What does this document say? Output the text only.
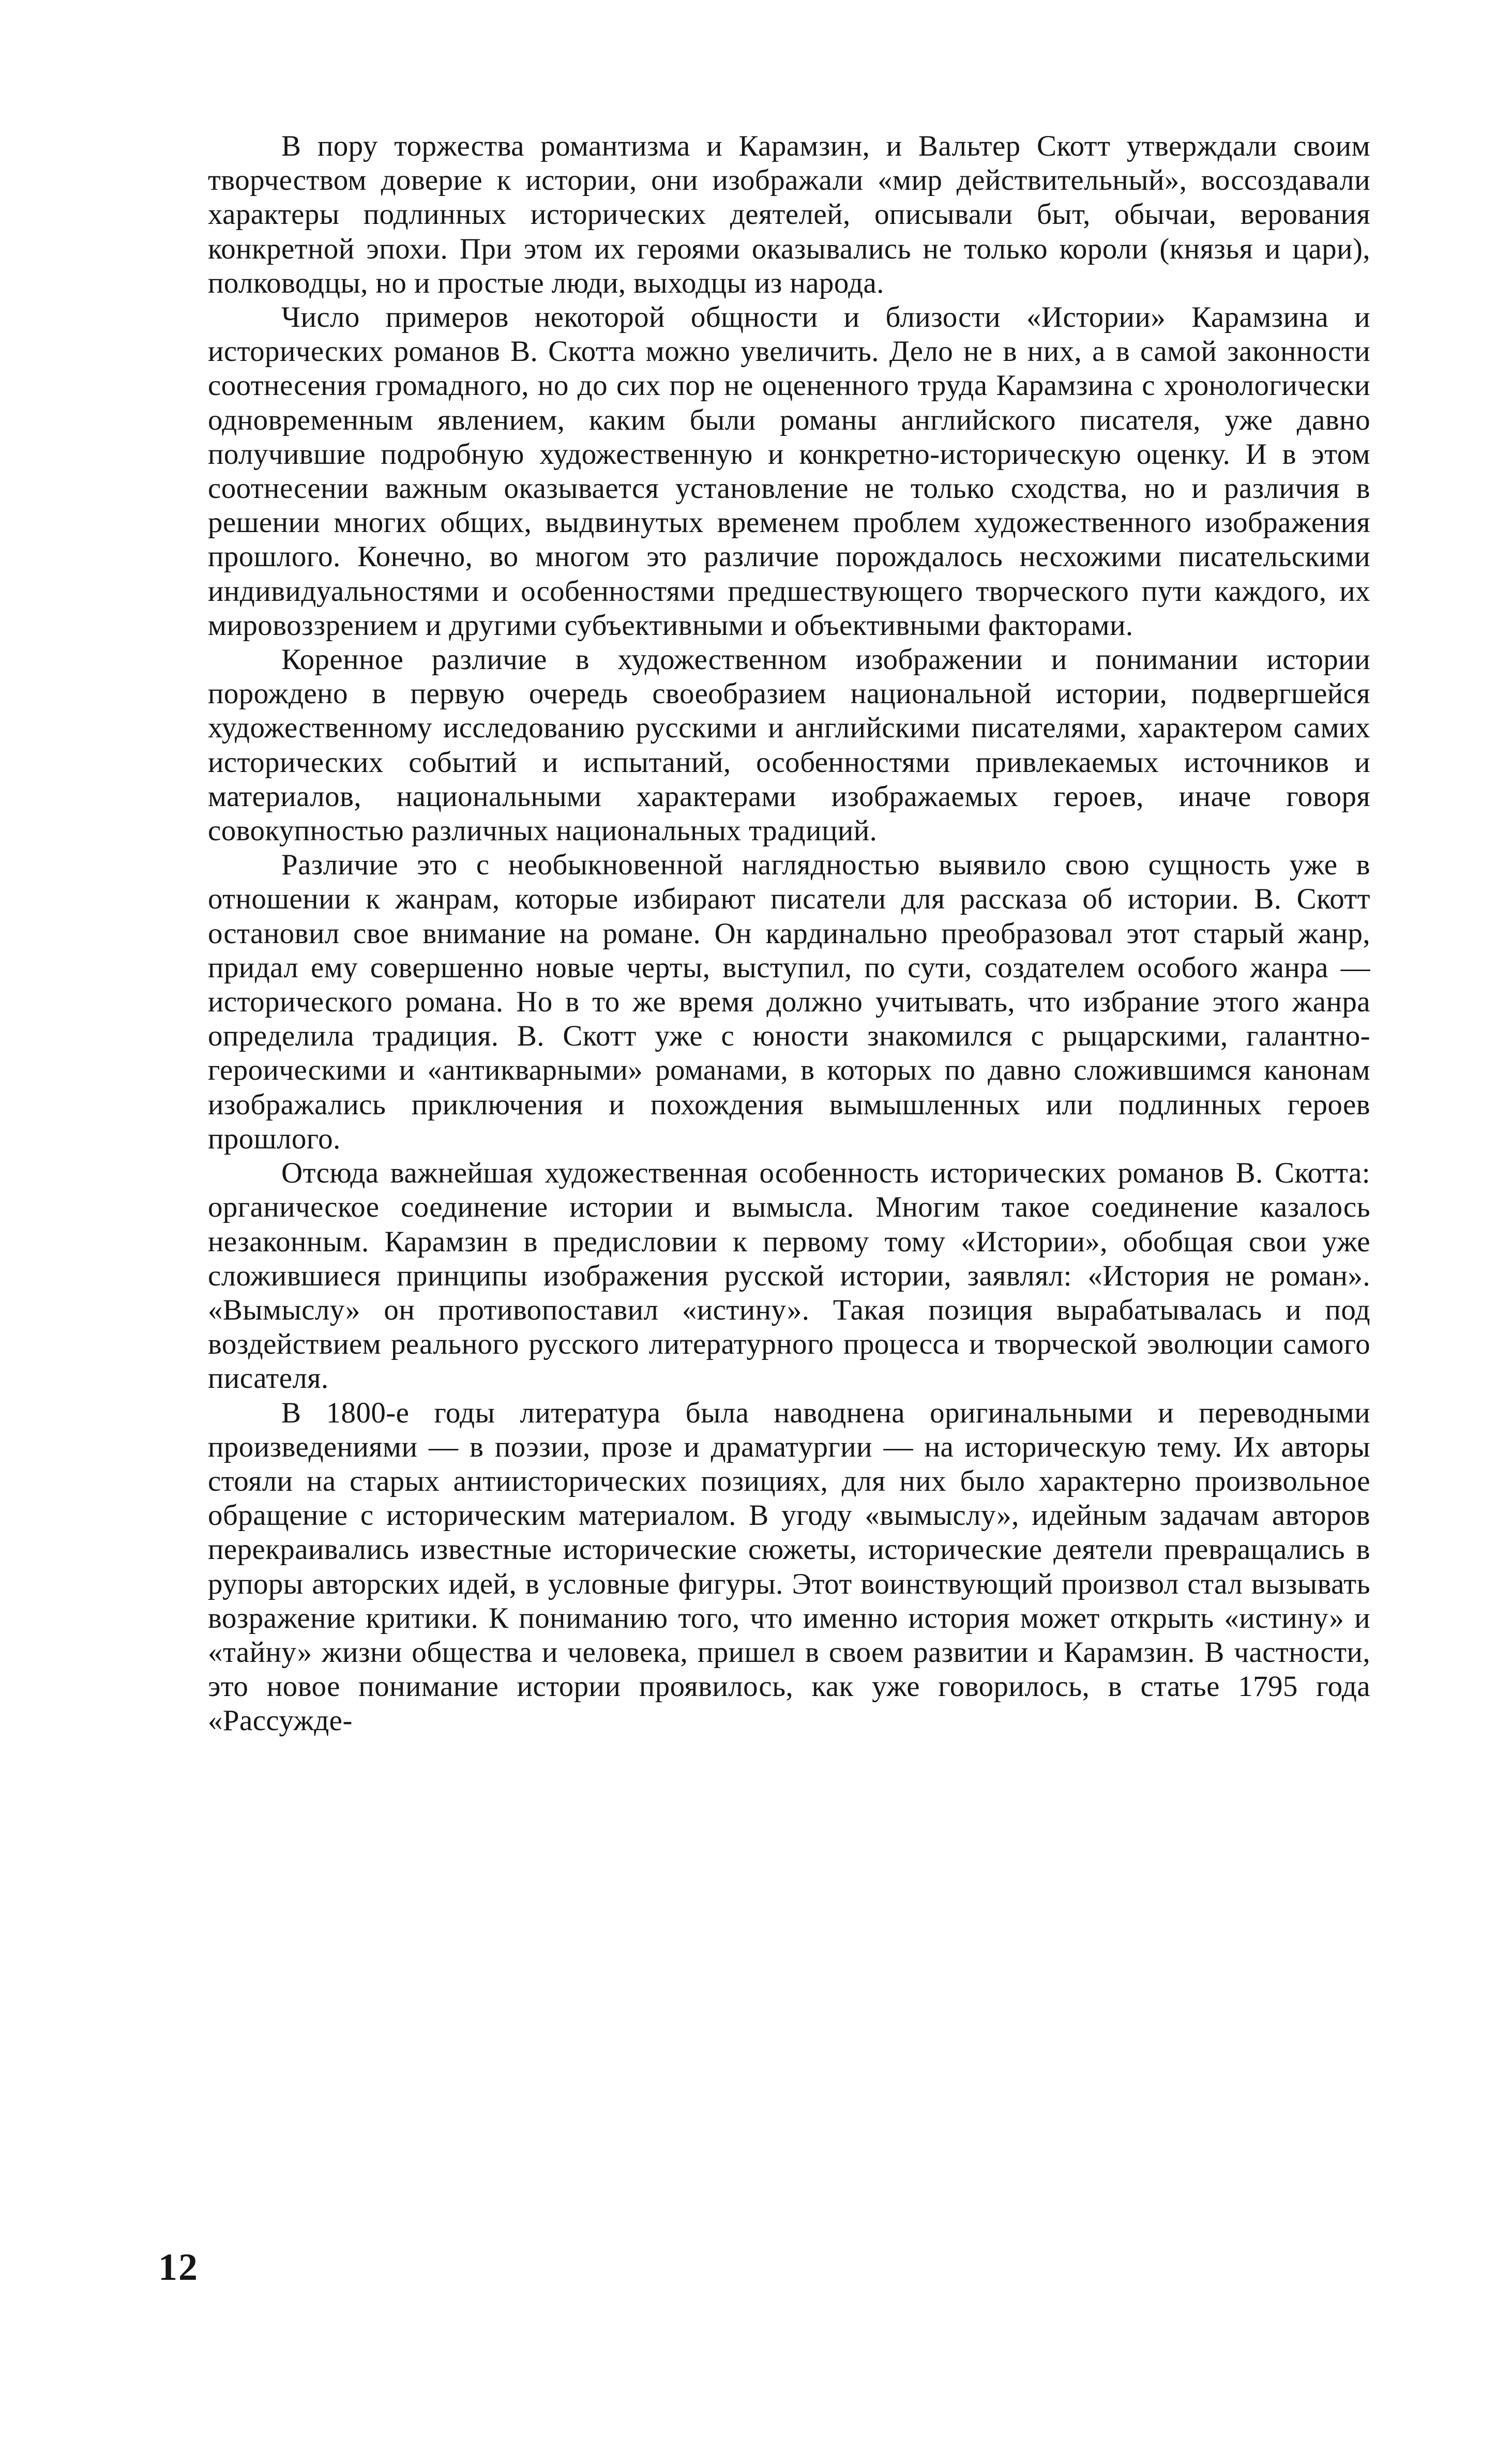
В пору торжества романтизма и Карамзин, и Вальтер Скотт утверждали своим творчеством доверие к истории, они изображали «мир действительный», воссоздавали характеры подлинных исторических деятелей, описывали быт, обычаи, верования конкретной эпохи. При этом их героями оказывались не только короли (князья и цари), полководцы, но и простые люди, выходцы из народа.

Число примеров некоторой общности и близости «Истории» Карамзина и исторических романов В. Скотта можно увеличить. Дело не в них, а в самой законности соотнесения громадного, но до сих пор не оцененного труда Карамзина с хронологически одновременным явлением, каким были романы английского писателя, уже давно получившие подробную художественную и конкретно-историческую оценку. И в этом соотнесении важным оказывается установление не только сходства, но и различия в решении многих общих, выдвинутых временем проблем художественного изображения прошлого. Конечно, во многом это различие порождалось несхожими писательскими индивидуальностями и особенностями предшествующего творческого пути каждого, их мировоззрением и другими субъективными и объективными факторами.

Коренное различие в художественном изображении и понимании истории порождено в первую очередь своеобразием национальной истории, подвергшейся художественному исследованию русскими и английскими писателями, характером самих исторических событий и испытаний, особенностями привлекаемых источников и материалов, национальными характерами изображаемых героев, иначе говоря совокупностью различных национальных традиций.

Различие это с необыкновенной наглядностью выявило свою сущность уже в отношении к жанрам, которые избирают писатели для рассказа об истории. В. Скотт остановил свое внимание на романе. Он кардинально преобразовал этот старый жанр, придал ему совершенно новые черты, выступил, по сути, создателем особого жанра — исторического романа. Но в то же время должно учитывать, что избрание этого жанра определила традиция. В. Скотт уже с юности знакомился с рыцарскими, галантно-героическими и «антикварными» романами, в которых по давно сложившимся канонам изображались приключения и похождения вымышленных или подлинных героев прошлого.

Отсюда важнейшая художественная особенность исторических романов В. Скотта: органическое соединение истории и вымысла. Многим такое соединение казалось незаконным. Карамзин в предисловии к первому тому «Истории», обобщая свои уже сложившиеся принципы изображения русской истории, заявлял: «История не роман». «Вымыслу» он противопоставил «истину». Такая позиция вырабатывалась и под воздействием реального русского литературного процесса и творческой эволюции самого писателя.

В 1800-е годы литература была наводнена оригинальными и переводными произведениями — в поэзии, прозе и драматургии — на историческую тему. Их авторы стояли на старых антиисторических позициях, для них было характерно произвольное обращение с историческим материалом. В угоду «вымыслу», идейным задачам авторов перекраивались известные исторические сюжеты, исторические деятели превращались в рупоры авторских идей, в условные фигуры. Этот воинствующий произвол стал вызывать возражение критики. К пониманию того, что именно история может открыть «истину» и «тайну» жизни общества и человека, пришел в своем развитии и Карамзин. В частности, это новое понимание истории проявилось, как уже говорилось, в статье 1795 года «Рассужде-

12
